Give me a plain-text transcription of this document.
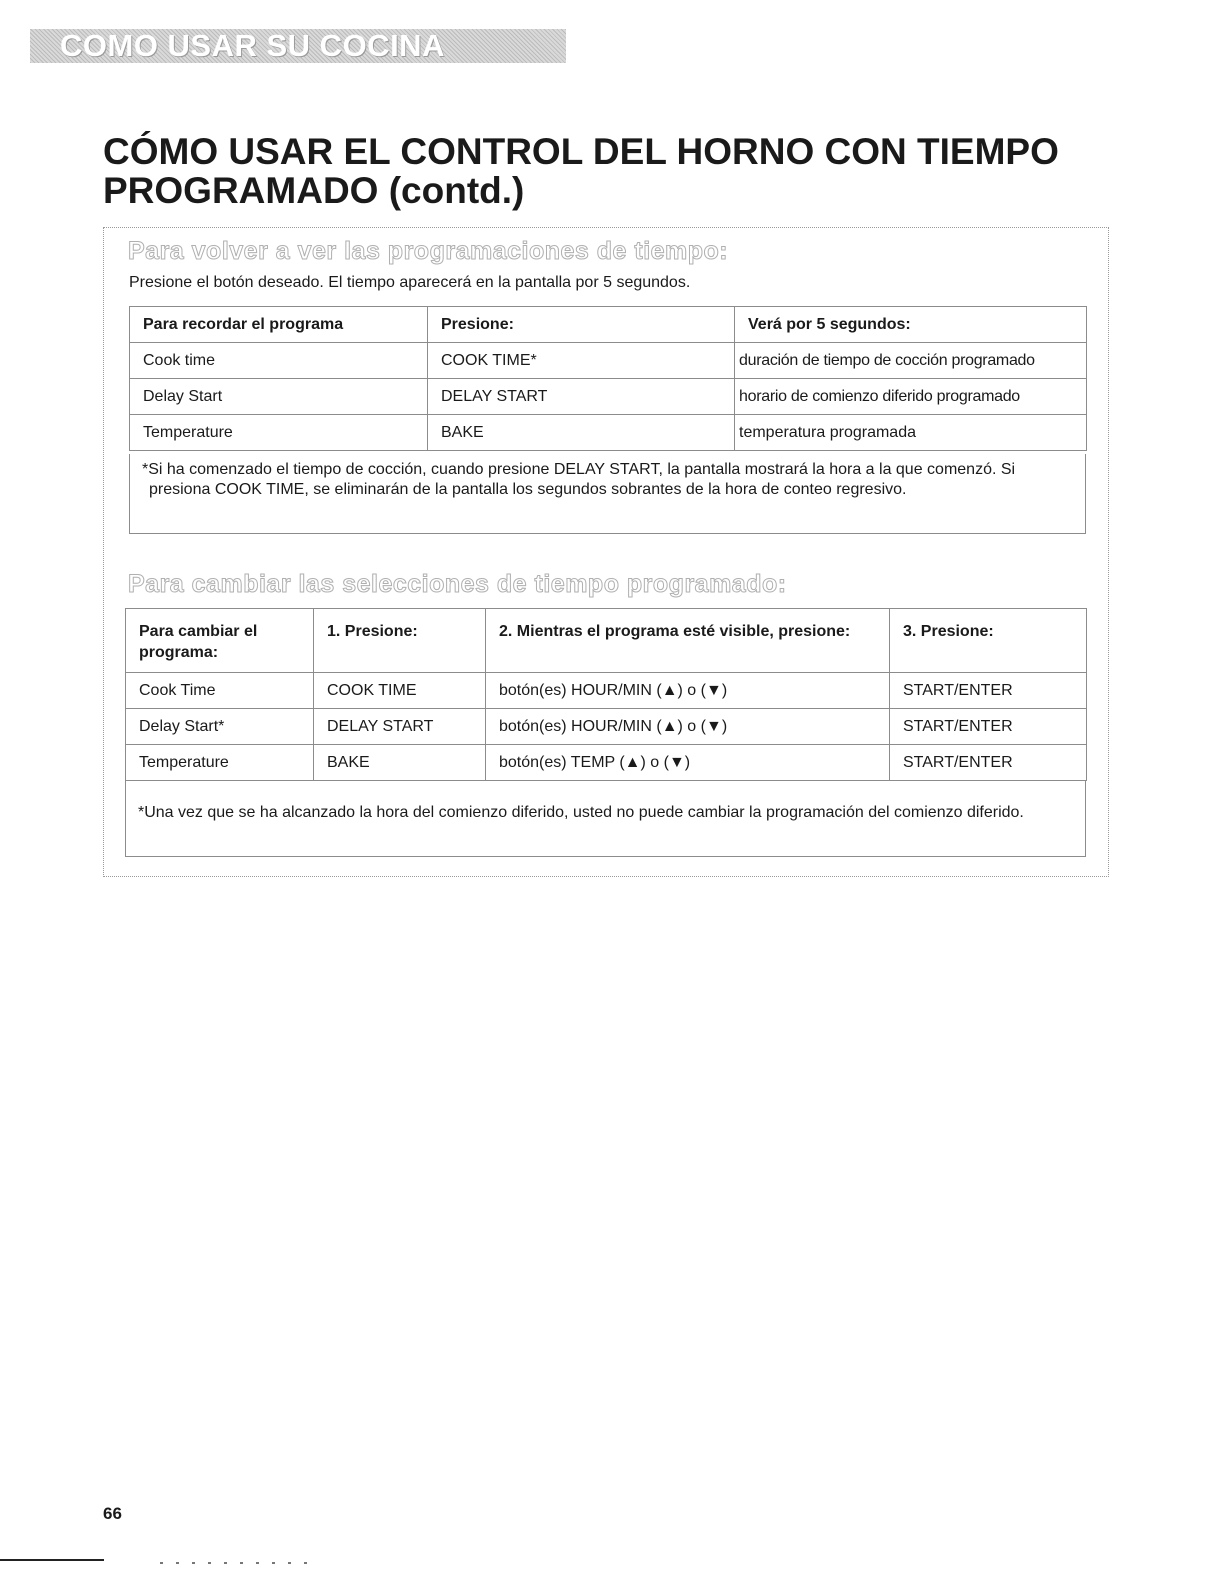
COMO USAR SU COCINA
CÓMO USAR EL CONTROL DEL HORNO CON TIEMPO
PROGRAMADO (contd.)
Para volver a ver las programaciones de tiempo:
Presione el botón deseado. El tiempo aparecerá en la pantalla por 5 segundos.
Para recordar el programa	Presione:	Verá por 5 segundos:
Cook time	COOK TIME*	duración de tiempo de cocción programado
Delay Start	DELAY START	horario de comienzo diferido programado
Temperature	BAKE	temperatura programada

*Si ha comenzado el tiempo de cocción, cuando presione DELAY START, la pantalla mostrará la hora a la que comenzó. Si presiona COOK TIME, se eliminarán de la pantalla los segundos sobrantes de la hora de conteo regresivo.

Para cambiar las selecciones de tiempo programado:
Para cambiar el programa:	1. Presione:	2. Mientras el programa esté visible, presione:	3. Presione:
Cook Time	COOK TIME	botón(es) HOUR/MIN (▲) o (▼)	START/ENTER
Delay Start*	DELAY START	botón(es) HOUR/MIN (▲) o (▼)	START/ENTER
Temperature	BAKE	botón(es) TEMP (▲) o (▼)	START/ENTER

*Una vez que se ha alcanzado la hora del comienzo diferido, usted no puede cambiar la programación del comienzo diferido.

66
